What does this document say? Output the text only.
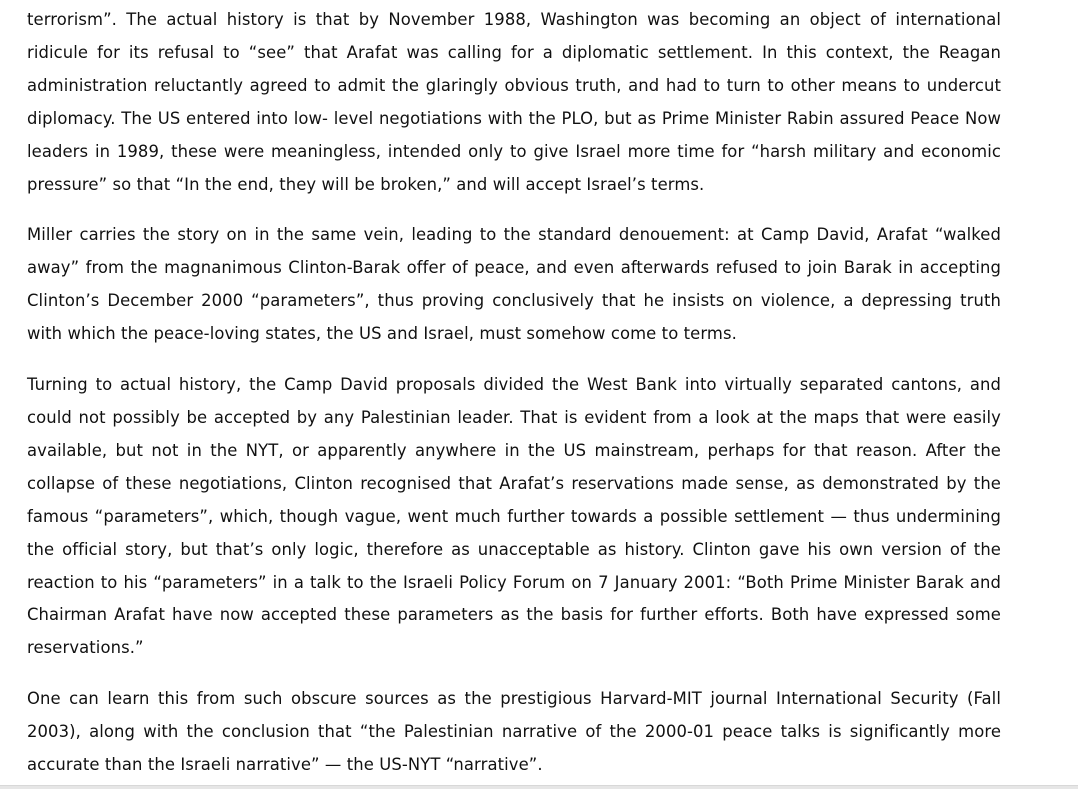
terrorism”. The actual history is that by November 1988, Washington was becoming an object of international ridicule for its refusal to “see” that Arafat was calling for a diplomatic settlement. In this context, the Reagan administration reluctantly agreed to admit the glaringly obvious truth, and had to turn to other means to undercut diplomacy. The US entered into low- level negotiations with the PLO, but as Prime Minister Rabin assured Peace Now leaders in 1989, these were meaningless, intended only to give Israel more time for “harsh military and economic pressure” so that “In the end, they will be broken,” and will accept Israel’s terms.

Miller carries the story on in the same vein, leading to the standard denouement: at Camp David, Arafat “walked away” from the magnanimous Clinton-Barak offer of peace, and even afterwards refused to join Barak in accepting Clinton’s December 2000 “parameters”, thus proving conclusively that he insists on violence, a depressing truth with which the peace-loving states, the US and Israel, must somehow come to terms.

Turning to actual history, the Camp David proposals divided the West Bank into virtually separated cantons, and could not possibly be accepted by any Palestinian leader. That is evident from a look at the maps that were easily available, but not in the NYT, or apparently anywhere in the US mainstream, perhaps for that reason. After the collapse of these negotiations, Clinton recognised that Arafat’s reservations made sense, as demonstrated by the famous “parameters”, which, though vague, went much further towards a possible settlement — thus undermining the official story, but that’s only logic, therefore as unacceptable as history. Clinton gave his own version of the reaction to his “parameters” in a talk to the Israeli Policy Forum on 7 January 2001: “Both Prime Minister Barak and Chairman Arafat have now accepted these parameters as the basis for further efforts. Both have expressed some reservations.”

One can learn this from such obscure sources as the prestigious Harvard-MIT journal International Security (Fall 2003), along with the conclusion that “the Palestinian narrative of the 2000-01 peace talks is significantly more accurate than the Israeli narrative” — the US-NYT “narrative”.
